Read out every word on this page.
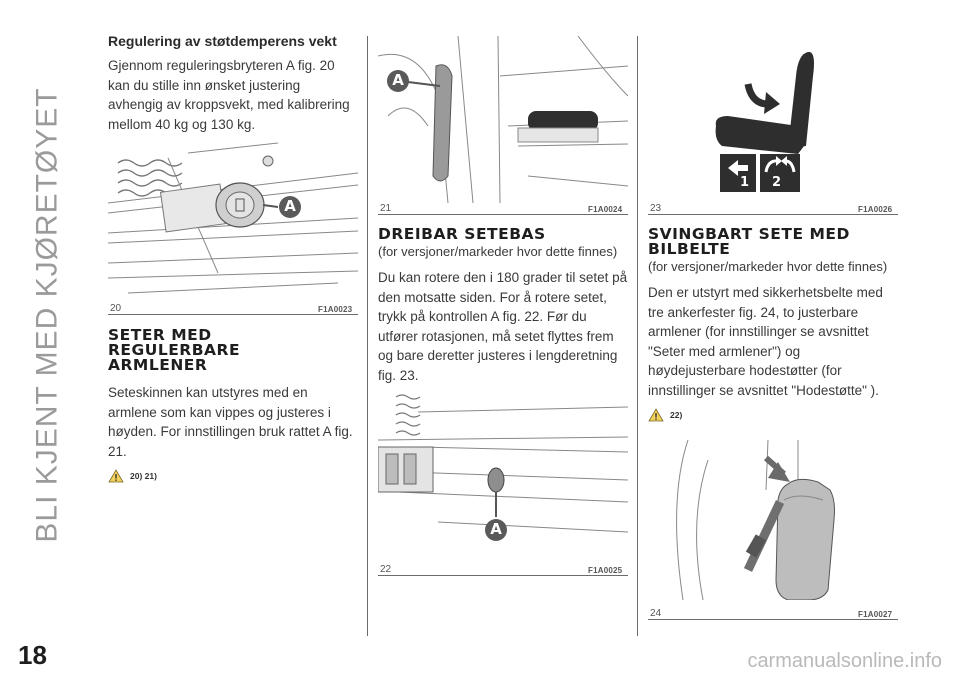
BLI KJENT MED KJØRETØYET
Regulering av støtdemperens vekt
Gjennom reguleringsbryteren A fig. 20 kan du stille inn ønsket justering avhengig av kroppsvekt, med kalibrering mellom 40 kg og 130 kg.
A
20	F1A0023
SETER MED REGULERBARE ARMLENER
Seteskinnen kan utstyres med en armlene som kan vippes og justeres i høyden. For innstillingen bruk rattet A fig. 21.
20) 21)
A
21	F1A0024
DREIBAR SETEBAS
(for versjoner/markeder hvor dette finnes)
Du kan rotere den i 180 grader til setet på den motsatte siden. For å rotere setet, trykk på kontrollen A fig. 22. Før du utfører rotasjonen, må setet flyttes frem og bare deretter justeres i lengderetning fig. 23.
A
22	F1A0025
1 2
23	F1A0026
SVINGBART SETE MED BILBELTE
(for versjoner/markeder hvor dette finnes)
Den er utstyrt med sikkerhetsbelte med tre ankerfester fig. 24, to justerbare armlener (for innstillinger se avsnittet "Seter med armlener") og høydejusterbare hodestøtter (for innstillinger se avsnittet "Hodestøtte" ).
22)
24	F1A0027
18	carmanualsonline.info
